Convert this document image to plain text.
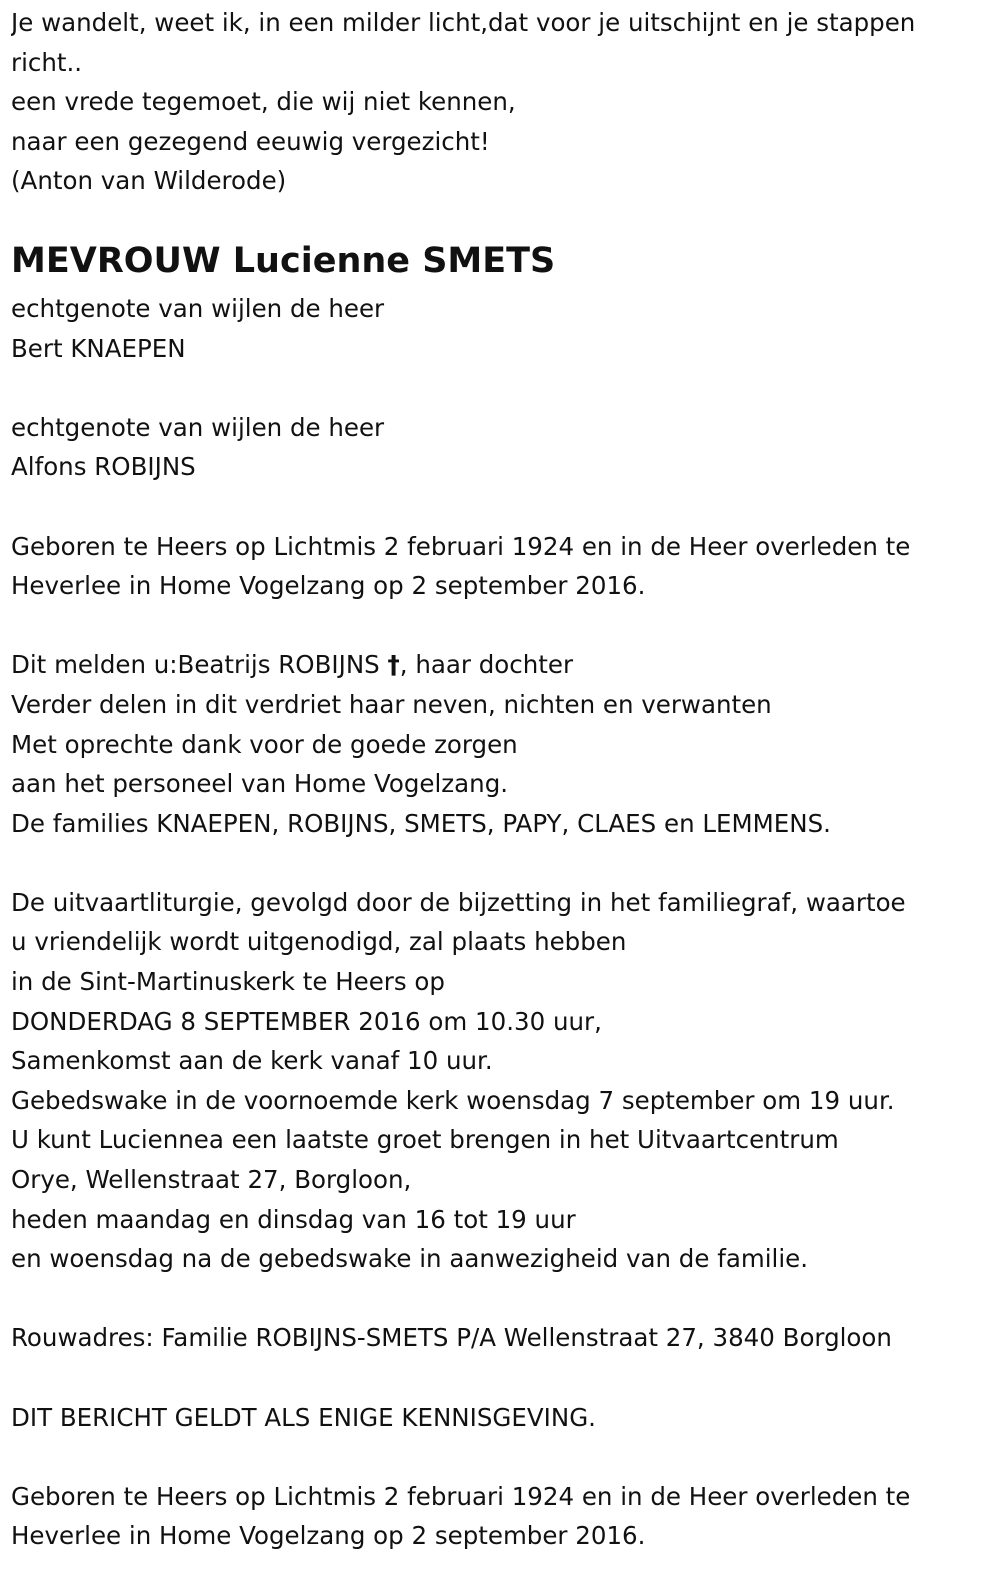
Je wandelt, weet ik, in een milder licht,dat voor je uitschijnt en je stappen
richt..
een vrede tegemoet, die wij niet kennen,
naar een gezegend eeuwig vergezicht!
(Anton van Wilderode)
MEVROUW Lucienne SMETS
echtgenote van wijlen de heer
Bert KNAEPEN
echtgenote van wijlen de heer
Alfons ROBIJNS
Geboren te Heers op Lichtmis 2 februari 1924 en in de Heer overleden te
Heverlee in Home Vogelzang op 2 september 2016.
Dit melden u:Beatrijs ROBIJNS †, haar dochter
Verder delen in dit verdriet haar neven, nichten en verwanten
Met oprechte dank voor de goede zorgen
aan het personeel van Home Vogelzang.
De families KNAEPEN, ROBIJNS, SMETS, PAPY, CLAES en LEMMENS.
De uitvaartliturgie, gevolgd door de bijzetting in het familiegraf, waartoe
u vriendelijk wordt uitgenodigd, zal plaats hebben
in de Sint-Martinuskerk te Heers op
DONDERDAG 8 SEPTEMBER 2016 om 10.30 uur,
Samenkomst aan de kerk vanaf 10 uur.
Gebedswake in de voornoemde kerk woensdag 7 september om 19 uur.
U kunt Luciennea een laatste groet brengen in het Uitvaartcentrum
Orye, Wellenstraat 27, Borgloon,
heden maandag en dinsdag van 16 tot 19 uur
en woensdag na de gebedswake in aanwezigheid van de familie.
Rouwadres: Familie ROBIJNS-SMETS P/A Wellenstraat 27, 3840 Borgloon
DIT BERICHT GELDT ALS ENIGE KENNISGEVING.
Geboren te Heers op Lichtmis 2 februari 1924 en in de Heer overleden te
Heverlee in Home Vogelzang op 2 september 2016.
